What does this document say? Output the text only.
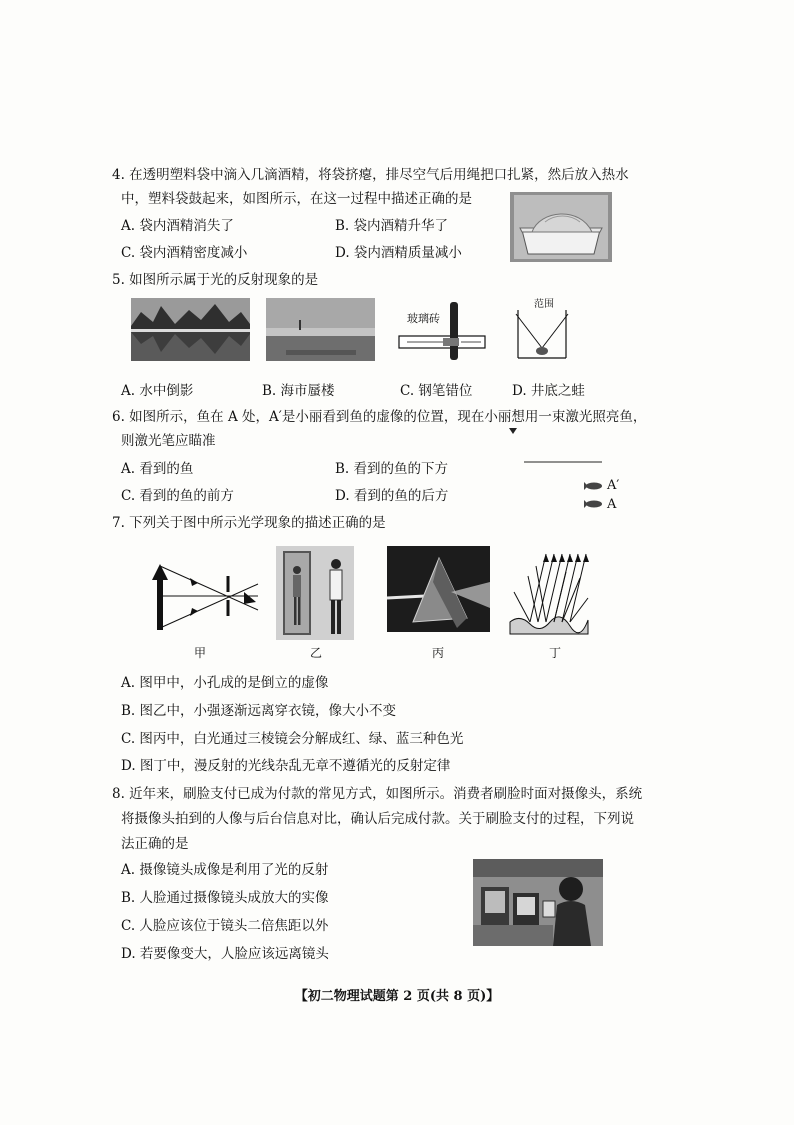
4. 在透明塑料袋中滴入几滴酒精，将袋挤瘪，排尽空气后用绳把口扎紧，然后放入热水
中，塑料袋鼓起来，如图所示，在这一过程中描述正确的是
A. 袋内酒精消失了	B. 袋内酒精升华了
C. 袋内酒精密度减小	D. 袋内酒精质量减小
5. 如图所示属于光的反射现象的是
玻璃砖
范围
A. 水中倒影	B. 海市蜃楼	C. 钢笔错位	D. 井底之蛙
6. 如图所示，鱼在 A 处，A′是小丽看到鱼的虚像的位置，现在小丽想用一束激光照亮鱼，
则激光笔应瞄准
A. 看到的鱼	B. 看到的鱼的下方
C. 看到的鱼的前方	D. 看到的鱼的后方
A′
A
7. 下列关于图中所示光学现象的描述正确的是
甲	乙	丙	丁
A. 图甲中，小孔成的是倒立的虚像
B. 图乙中，小强逐渐远离穿衣镜，像大小不变
C. 图丙中，白光通过三棱镜会分解成红、绿、蓝三种色光
D. 图丁中，漫反射的光线杂乱无章不遵循光的反射定律
8. 近年来，刷脸支付已成为付款的常见方式，如图所示。消费者刷脸时面对摄像头，系统
将摄像头拍到的人像与后台信息对比，确认后完成付款。关于刷脸支付的过程，下列说
法正确的是
A. 摄像镜头成像是利用了光的反射
B. 人脸通过摄像镜头成放大的实像
C. 人脸应该位于镜头二倍焦距以外
D. 若要像变大，人脸应该远离镜头
【初二物理试题第 2 页(共 8 页)】
